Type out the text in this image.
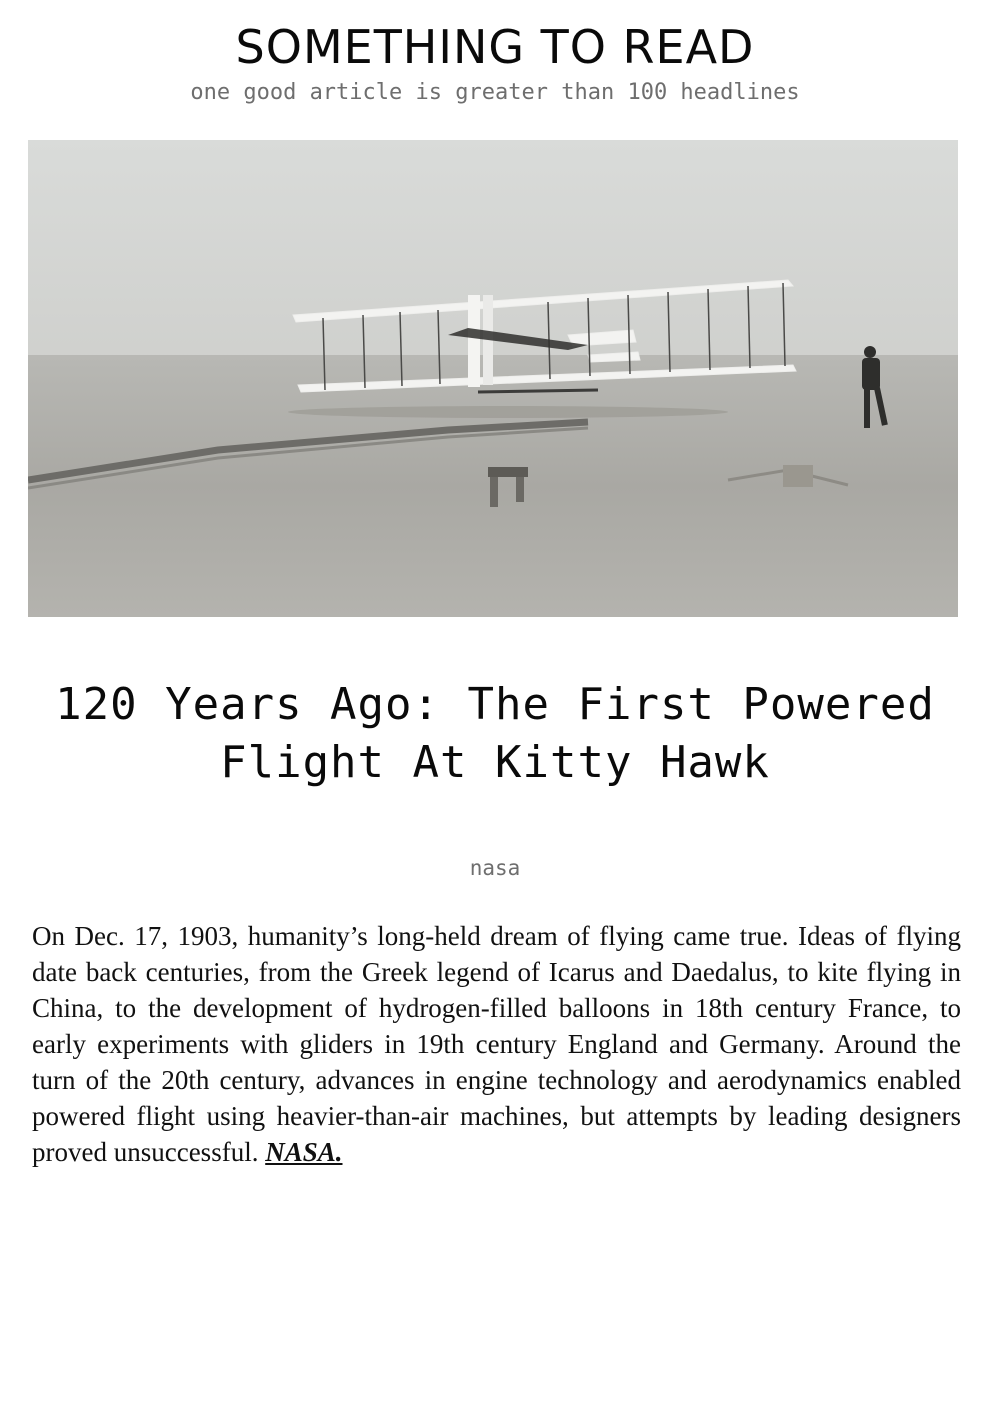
SOMETHING TO READ
one good article is greater than 100 headlines
120 Years Ago: The First Powered Flight At Kitty Hawk
nasa

On Dec. 17, 1903, humanity’s long-held dream of flying came true. Ideas of flying date back centuries, from the Greek legend of Icarus and Daedalus, to kite flying in China, to the development of hydrogen-filled balloons in 18th century France, to early experiments with gliders in 19th century England and Germany. Around the turn of the 20th century, advances in engine technology and aerodynamics enabled powered flight using heavier-than-air machines, but attempts by leading designers proved unsuccessful. NASA.
